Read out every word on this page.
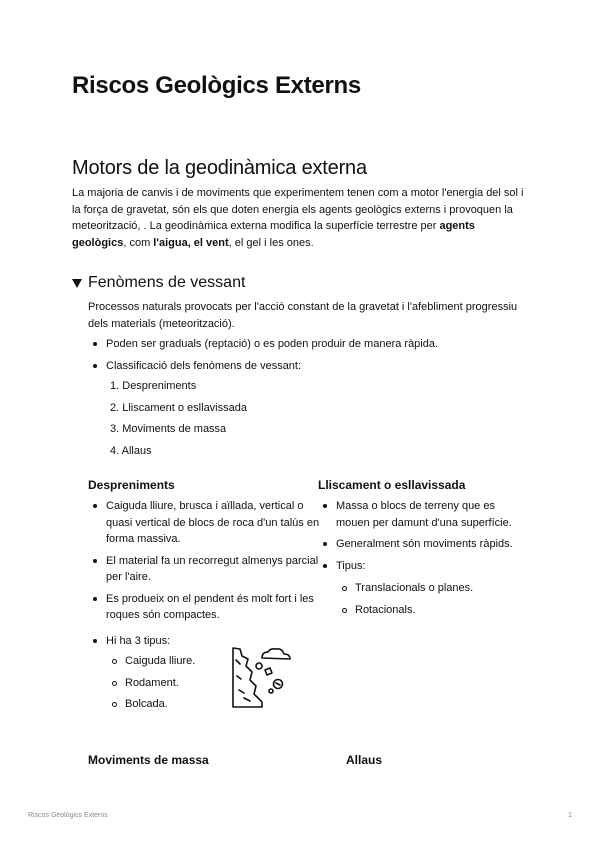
Riscos Geològics Externs
Motors de la geodinàmica externa

La majoria de canvis i de moviments que experimentem tenen com a motor l'energia del sol i la força de gravetat, són els que doten energia els agents geològics externs i provoquen la meteorització, . La geodinàmica externa modifica la superfície terrestre per agents geològics, com l'aigua, el vent, el gel i les ones.

Fenòmens de vessant

Processos naturals provocats per l'acció constant de la gravetat i l'afebliment progressiu dels materials (meteorització).

Poden ser graduals (reptació) o es poden produir de manera ràpida.
Classificació dels fenòmens de vessant:
1. Despreniments
2. Lliscament o esllavissada
3. Moviments de massa
4. Allaus
Despreniments
Caiguda lliure, brusca i aïllada, vertical o quasi vertical de blocs de roca d'un talús en forma massiva.
El material fa un recorregut almenys parcial per l'aire.
Es produeix on el pendent és molt fort i les roques són compactes.
Hi ha 3 tipus:
Caiguda lliure.
Rodament.
Bolcada.
Lliscament o esllavissada
Massa o blocs de terreny que es mouen per damunt d'una superfície.
Generalment són moviments ràpids.
Tipus:
Translacionals o planes.
Rotacionals.
Moviments de massa	Allaus
Riscos Geològics Externs	1
